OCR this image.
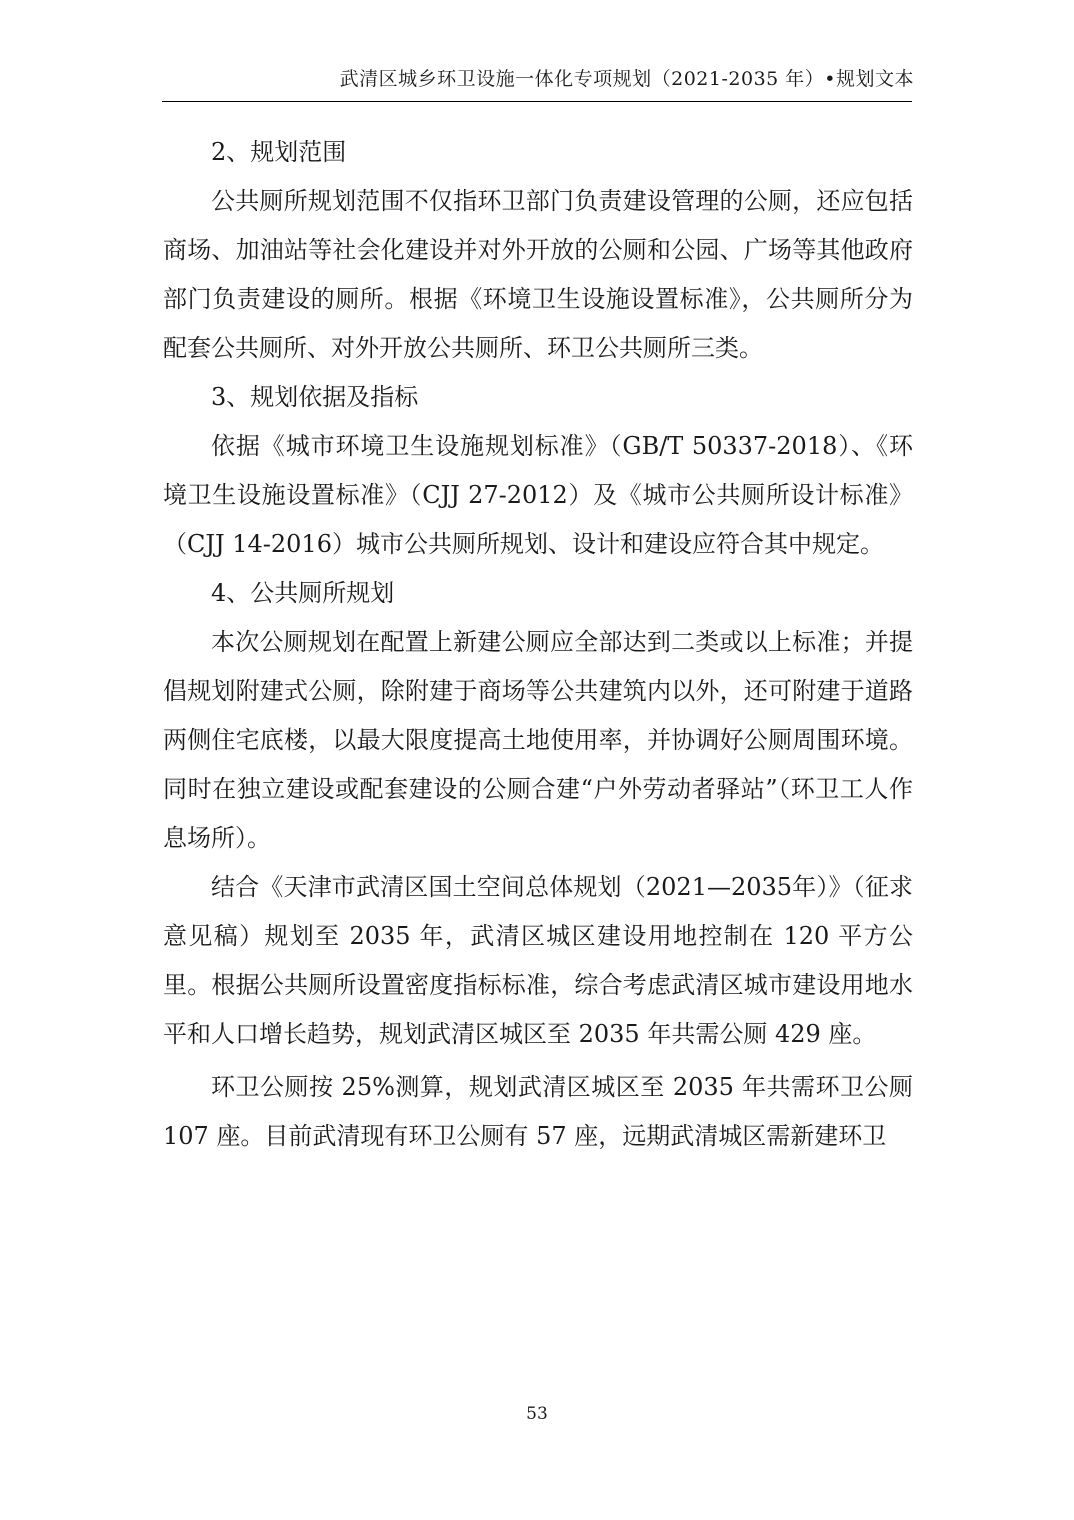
武清区城乡环卫设施一体化专项规划（2021-2035 年）•规划文本

2、规划范围

公共厕所规划范围不仅指环卫部门负责建设管理的公厕，还应包括商场、加油站等社会化建设并对外开放的公厕和公园、广场等其他政府部门负责建设的厕所。根据《环境卫生设施设置标准》，公共厕所分为配套公共厕所、对外开放公共厕所、环卫公共厕所三类。

3、规划依据及指标

依据《城市环境卫生设施规划标准》（GB/T 50337-2018）、《环境卫生设施设置标准》（CJJ 27-2012）及《城市公共厕所设计标准》（CJJ 14-2016）城市公共厕所规划、设计和建设应符合其中规定。

4、公共厕所规划

本次公厕规划在配置上新建公厕应全部达到二类或以上标准；并提倡规划附建式公厕，除附建于商场等公共建筑内以外，还可附建于道路两侧住宅底楼，以最大限度提高土地使用率，并协调好公厕周围环境。同时在独立建设或配套建设的公厕合建“户外劳动者驿站”（环卫工人作息场所）。

结合《天津市武清区国土空间总体规划（2021—2035年）》（征求意见稿）规划至 2035 年，武清区城区建设用地控制在 120 平方公里。根据公共厕所设置密度指标标准，综合考虑武清区城市建设用地水平和人口增长趋势，规划武清区城区至 2035 年共需公厕 429 座。

环卫公厕按 25%测算，规划武清区城区至 2035 年共需环卫公厕 107 座。目前武清现有环卫公厕有 57 座，远期武清城区需新建环卫

53
